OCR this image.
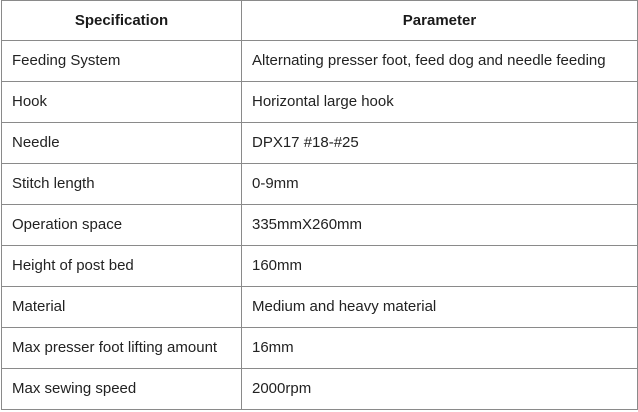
Specification	Parameter
Feeding System	Alternating presser foot, feed dog and needle feeding
Hook	Horizontal large hook
Needle	DPX17 #18-#25
Stitch length	0-9mm
Operation space	335mmX260mm
Height of post bed	160mm
Material	Medium and heavy material
Max presser foot lifting amount	16mm
Max sewing speed	2000rpm
